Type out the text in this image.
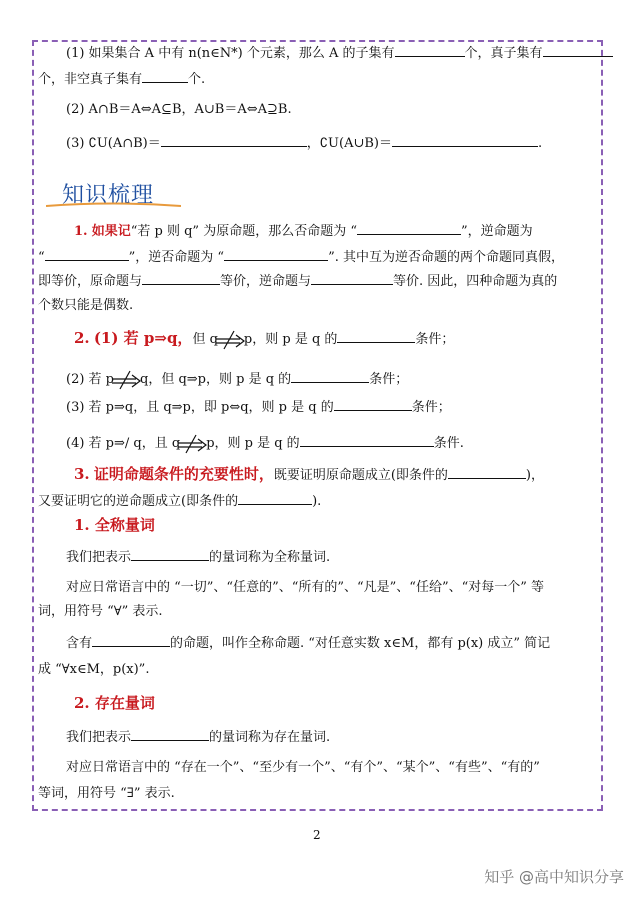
(1) 如果集合 A 中有 n(n∈N*) 个元素，那么 A 的子集有	个，真子集有
个，非空真子集有	个.
(2) A∩B＝A⇔A⊆B，A∪B＝A⇔A⊇B.
(3) ∁U(A∩B)＝	，∁U(A∪B)＝	.
知识梳理
1. 如果记“若 p 则 q” 为原命题，那么否命题为 “	”，逆命题为
“	”，逆否命题为 “	”. 其中互为逆否命题的两个命题同真假，
即等价，原命题与	等价，逆命题与	等价. 因此，四种命题为真的
个数只能是偶数.
2. (1) 若 p⇒q，但 q p，则 p 是 q 的	条件；
(2) 若 p q，但 q⇒p，则 p 是 q 的	条件；
(3) 若 p⇒q，且 q⇒p，即 p⇔q，则 p 是 q 的	条件；
(4) 若 p⇒/ q，且 q p，则 p 是 q 的	条件.
3. 证明命题条件的充要性时，既要证明原命题成立(即条件的	)，
又要证明它的逆命题成立(即条件的	).
1. 全称量词
我们把表示	的量词称为全称量词.
对应日常语言中的 “一切”、“任意的”、“所有的”、“凡是”、“任给”、“对每一个” 等
词，用符号 “∀” 表示.
含有	的命题，叫作全称命题. “对任意实数 x∈M，都有 p(x) 成立” 简记
成 “∀x∈M，p(x)”.
2. 存在量词
我们把表示	的量词称为存在量词.
对应日常语言中的 “存在一个”、“至少有一个”、“有个”、“某个”、“有些”、“有的”
等词，用符号 “∃” 表示.
2
知乎 @高中知识分享
